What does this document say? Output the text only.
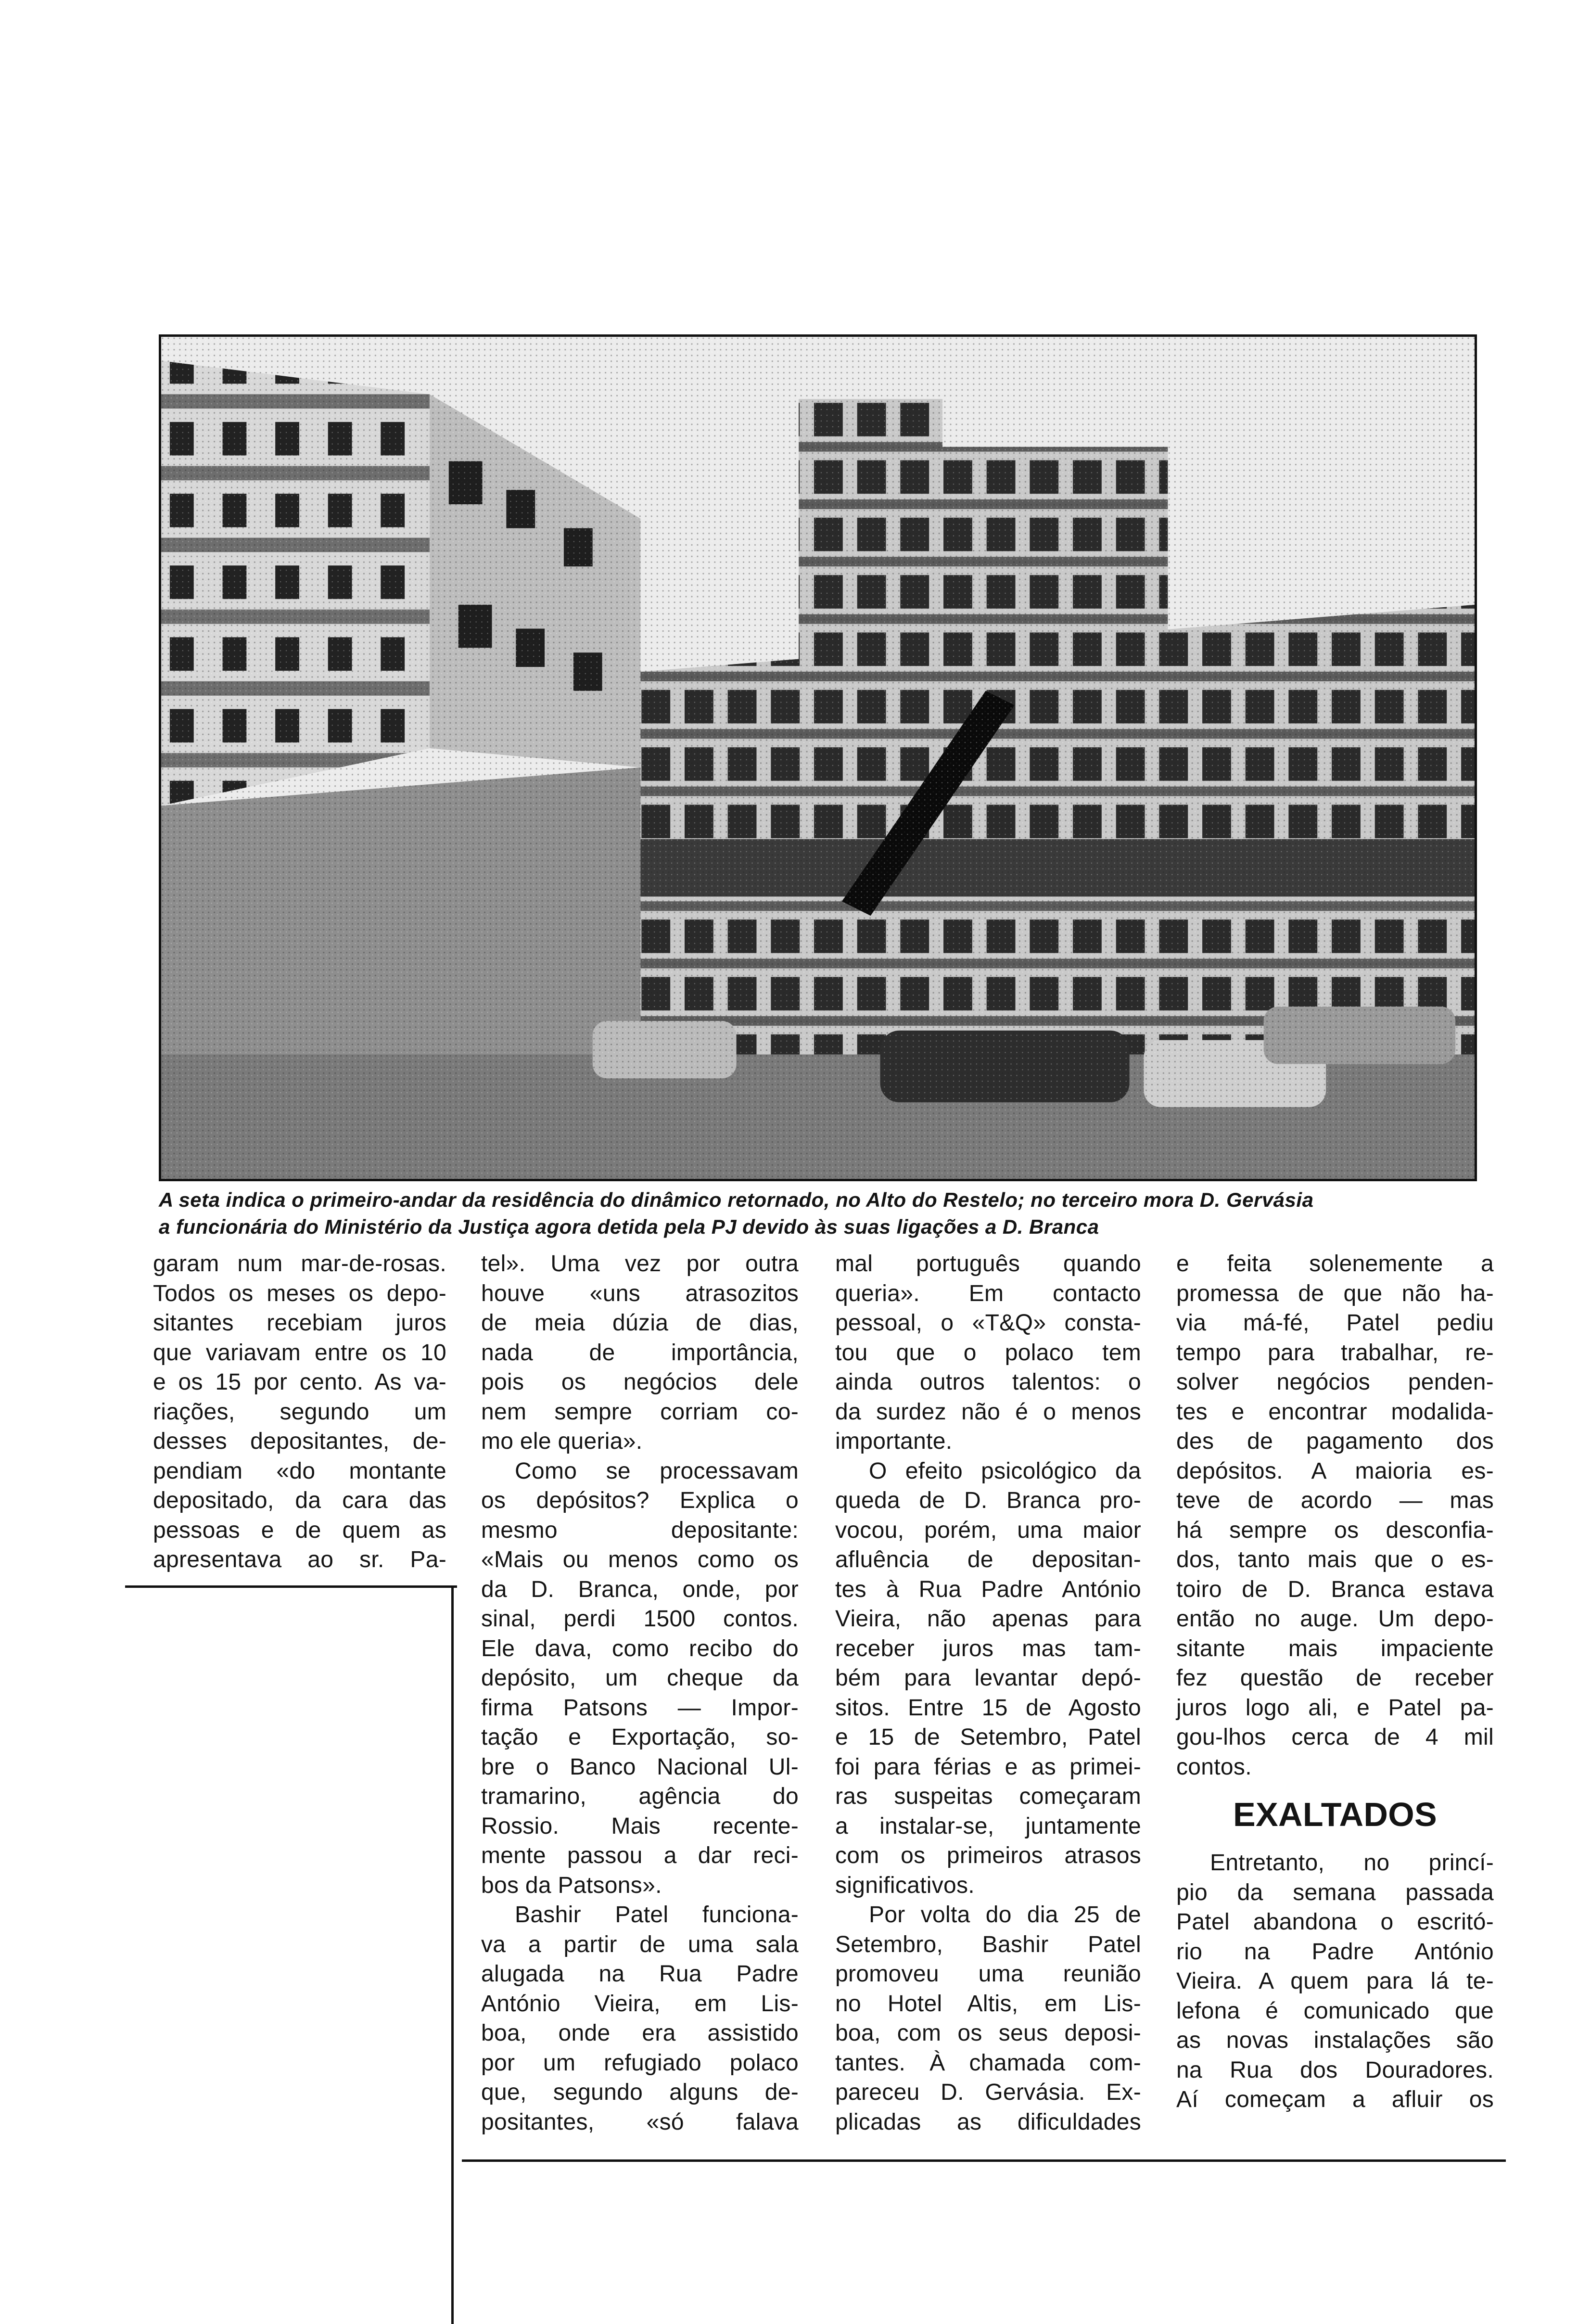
A seta indica o primeiro-andar da residência do dinâmico retornado, no Alto do Restelo; no terceiro mora D. Gervásia
a funcionária do Ministério da Justiça agora detida pela PJ devido às suas ligações a D. Branca
garam num mar-de-rosas.
Todos os meses os depo-
sitantes recebiam juros
que variavam entre os 10
e os 15 por cento. As va-
riações, segundo um
desses depositantes, de-
pendiam «do montante
depositado, da cara das
pessoas e de quem as
apresentava ao sr. Pa-
tel». Uma vez por outra
houve «uns atrasozitos
de meia dúzia de dias,
nada de importância,
pois os negócios dele
nem sempre corriam co-
mo ele queria».
Como se processavam
os depósitos? Explica o
mesmo depositante:
«Mais ou menos como os
da D. Branca, onde, por
sinal, perdi 1500 contos.
Ele dava, como recibo do
depósito, um cheque da
firma Patsons — Impor-
tação e Exportação, so-
bre o Banco Nacional Ul-
tramarino, agência do
Rossio. Mais recente-
mente passou a dar reci-
bos da Patsons».
Bashir Patel funciona-
va a partir de uma sala
alugada na Rua Padre
António Vieira, em Lis-
boa, onde era assistido
por um refugiado polaco
que, segundo alguns de-
positantes, «só falava
mal português quando
queria». Em contacto
pessoal, o «T&Q» consta-
tou que o polaco tem
ainda outros talentos: o
da surdez não é o menos
importante.
O efeito psicológico da
queda de D. Branca pro-
vocou, porém, uma maior
afluência de depositan-
tes à Rua Padre António
Vieira, não apenas para
receber juros mas tam-
bém para levantar depó-
sitos. Entre 15 de Agosto
e 15 de Setembro, Patel
foi para férias e as primei-
ras suspeitas começaram
a instalar-se, juntamente
com os primeiros atrasos
significativos.
Por volta do dia 25 de
Setembro, Bashir Patel
promoveu uma reunião
no Hotel Altis, em Lis-
boa, com os seus deposi-
tantes. À chamada com-
pareceu D. Gervásia. Ex-
plicadas as dificuldades
e feita solenemente a
promessa de que não ha-
via má-fé, Patel pediu
tempo para trabalhar, re-
solver negócios penden-
tes e encontrar modalida-
des de pagamento dos
depósitos. A maioria es-
teve de acordo — mas
há sempre os desconfia-
dos, tanto mais que o es-
toiro de D. Branca estava
então no auge. Um depo-
sitante mais impaciente
fez questão de receber
juros logo ali, e Patel pa-
gou-lhos cerca de 4 mil
contos.
EXALTADOS
Entretanto, no princí-
pio da semana passada
Patel abandona o escritó-
rio na Padre António
Vieira. A quem para lá te-
lefona é comunicado que
as novas instalações são
na Rua dos Douradores.
Aí começam a afluir os
